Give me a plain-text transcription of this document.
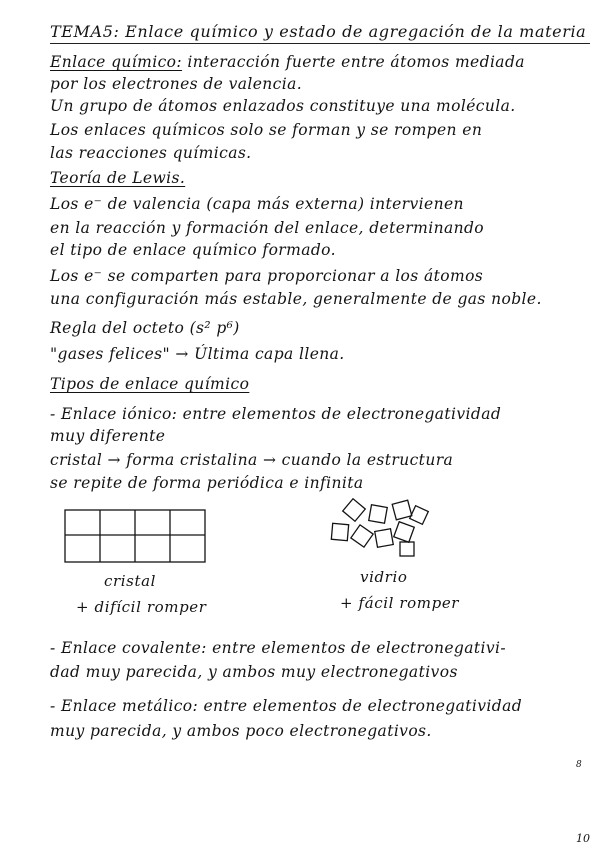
TEMA5: Enlace químico y estado de agregación de la materia
Enlace químico: interacción fuerte entre átomos mediada
por los electrones de valencia.
Un grupo de átomos enlazados constituye una molécula.
Los enlaces químicos solo se forman y se rompen en
las reacciones químicas.
Teoría de Lewis.
Los e⁻ de valencia (capa más externa) intervienen
en la reacción y formación del enlace, determinando
el tipo de enlace químico formado.
Los e⁻ se comparten para proporcionar a los átomos
una configuración más estable, generalmente de gas noble.
Regla del octeto (s² p⁶)
"gases felices" → Última capa llena.
Tipos de enlace químico
- Enlace iónico: entre elementos de electronegatividad
muy diferente
cristal → forma cristalina → cuando la estructura
se repite de forma periódica e infinita
cristal
+ difícil romper
vidrio
+ fácil romper
- Enlace covalente: entre elementos de electronegativi-
dad muy parecida, y ambos muy electronegativos
- Enlace metálico: entre elementos de electronegatividad
muy parecida, y ambos poco electronegativos.
8
10
